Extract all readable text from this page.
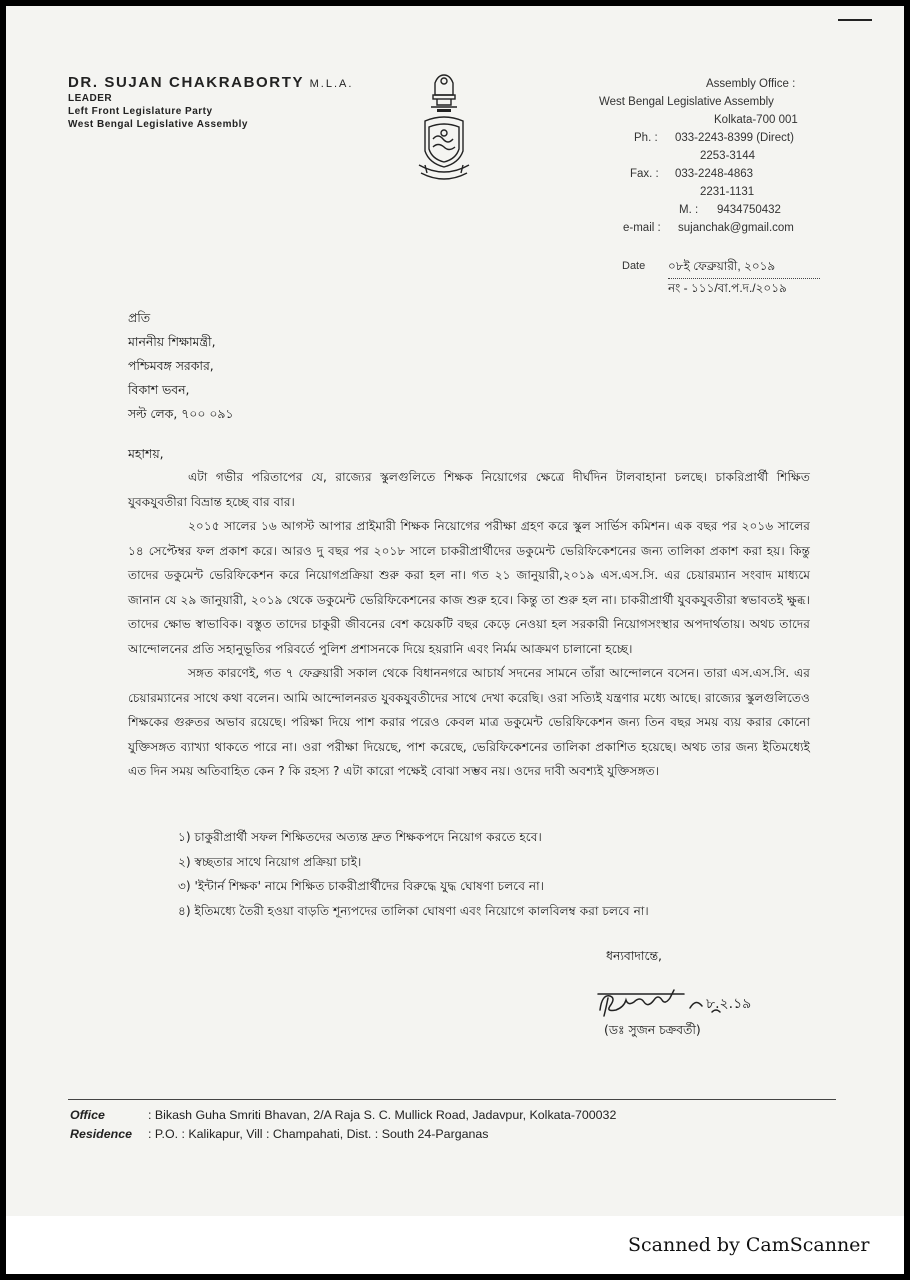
DR. SUJAN CHAKRABORTY M.L.A.
LEADER
Left Front Legislature Party
West Bengal Legislative Assembly
Assembly Office :
West Bengal Legislative Assembly
Kolkata-700 001
Ph. : 033-2243-8399 (Direct)
2253-3144
Fax. : 033-2248-4863
2231-1131
M. : 9434750432
e-mail : sujanchak@gmail.com
Date ০৮ই ফেব্রুয়ারী, ২০১৯
নং - ১১১/বা.প.দ./২০১৯
প্রতি
মাননীয় শিক্ষামন্ত্রী,
পশ্চিমবঙ্গ সরকার,
বিকাশ ভবন,
সল্ট লেক, ৭০০ ০৯১
মহাশয়,

এটা গভীর পরিতাপের যে, রাজ্যের স্কুলগুলিতে শিক্ষক নিয়োগের ক্ষেত্রে দীর্ঘদিন টালবাহানা চলছে। চাকরিপ্রার্থী শিক্ষিত যুবকযুবতীরা বিভ্রান্ত হচ্ছে বার বার।

২০১৫ সালের ১৬ আগস্ট আপার প্রাইমারী শিক্ষক নিয়োগের পরীক্ষা গ্রহণ করে স্কুল সার্ভিস কমিশন। এক বছর পর ২০১৬ সালের ১৪ সেপ্টেম্বর ফল প্রকাশ করে। আরও দু বছর পর ২০১৮ সালে চাকরীপ্রার্থীদের ডকুমেন্ট ভেরিফিকেশনের জন্য তালিকা প্রকাশ করা হয়। কিন্তু তাদের ডকুমেন্ট ভেরিফিকেশন করে নিয়োগপ্রক্রিয়া শুরু করা হল না। গত ২১ জানুয়ারী,২০১৯ এস.এস.সি. এর চেয়ারম্যান সংবাদ মাধ্যমে জানান যে ২৯ জানুয়ারী, ২০১৯ থেকে ডকুমেন্ট ভেরিফিকেশনের কাজ শুরু হবে। কিন্তু তা শুরু হল না। চাকরীপ্রার্থী যুবকযুবতীরা স্বভাবতই ক্ষুব্ধ। তাদের ক্ষোভ স্বাভাবিক। বস্তুত তাদের চাকুরী জীবনের বেশ কয়েকটি বছর কেড়ে নেওয়া হল সরকারী নিয়োগসংস্থার অপদার্থতায়। অথচ তাদের আন্দোলনের প্রতি সহানুভূতির পরিবর্তে পুলিশ প্রশাসনকে দিয়ে হয়রানি এবং নির্মম আক্রমণ চালানো হচ্ছে।

সঙ্গত কারণেই, গত ৭ ফেব্রুয়ারী সকাল থেকে বিধাননগরে আচার্য সদনের সামনে তাঁরা আন্দোলনে বসেন। তারা এস.এস.সি. এর চেয়ারম্যানের সাথে কথা বলেন। আমি আন্দোলনরত যুবকযুবতীদের সাথে দেখা করেছি। ওরা সত্যিই যন্ত্রণার মধ্যে আছে। রাজ্যের স্কুলগুলিতেও শিক্ষকের গুরুতর অভাব রয়েছে। পরিক্ষা দিয়ে পাশ করার পরেও কেবল মাত্র ডকুমেন্ট ভেরিফিকেশন জন্য তিন বছর সময় ব্যয় করার কোনো যুক্তিসঙ্গত ব্যাখ্যা থাকতে পারে না। ওরা পরীক্ষা দিয়েছে, পাশ করেছে, ভেরিফিকেশনের তালিকা প্রকাশিত হয়েছে। অথচ তার জন্য ইতিমধ্যেই এত দিন সময় অতিবাহিত কেন ? কি রহস্য ? এটা কারো পক্ষেই বোঝা সম্ভব নয়। ওদের দাবী অবশ্যই যুক্তিসঙ্গত।

১) চাকুরীপ্রার্থী সফল শিক্ষিতদের অত্যন্ত দ্রুত শিক্ষকপদে নিয়োগ করতে হবে।
২) স্বচ্ছতার সাথে নিয়োগ প্রক্রিয়া চাই।
৩) 'ইন্টার্ন শিক্ষক' নামে শিক্ষিত চাকরীপ্রার্থীদের বিরুদ্ধে যুদ্ধ ঘোষণা চলবে না।
৪) ইতিমধ্যে তৈরী হওয়া বাড়তি শূন্যপদের তালিকা ঘোষণা এবং নিয়োগে কালবিলম্ব করা চলবে না।
ধন্যবাদান্তে,
৮.২.১৯
(ডঃ সুজন চক্রবর্তী)
Office	: Bikash Guha Smriti Bhavan, 2/A Raja S. C. Mullick Road, Jadavpur, Kolkata-700032
Residence : P.O. : Kalikapur, Vill : Champahati, Dist. : South 24-Parganas
Scanned by CamScanner
